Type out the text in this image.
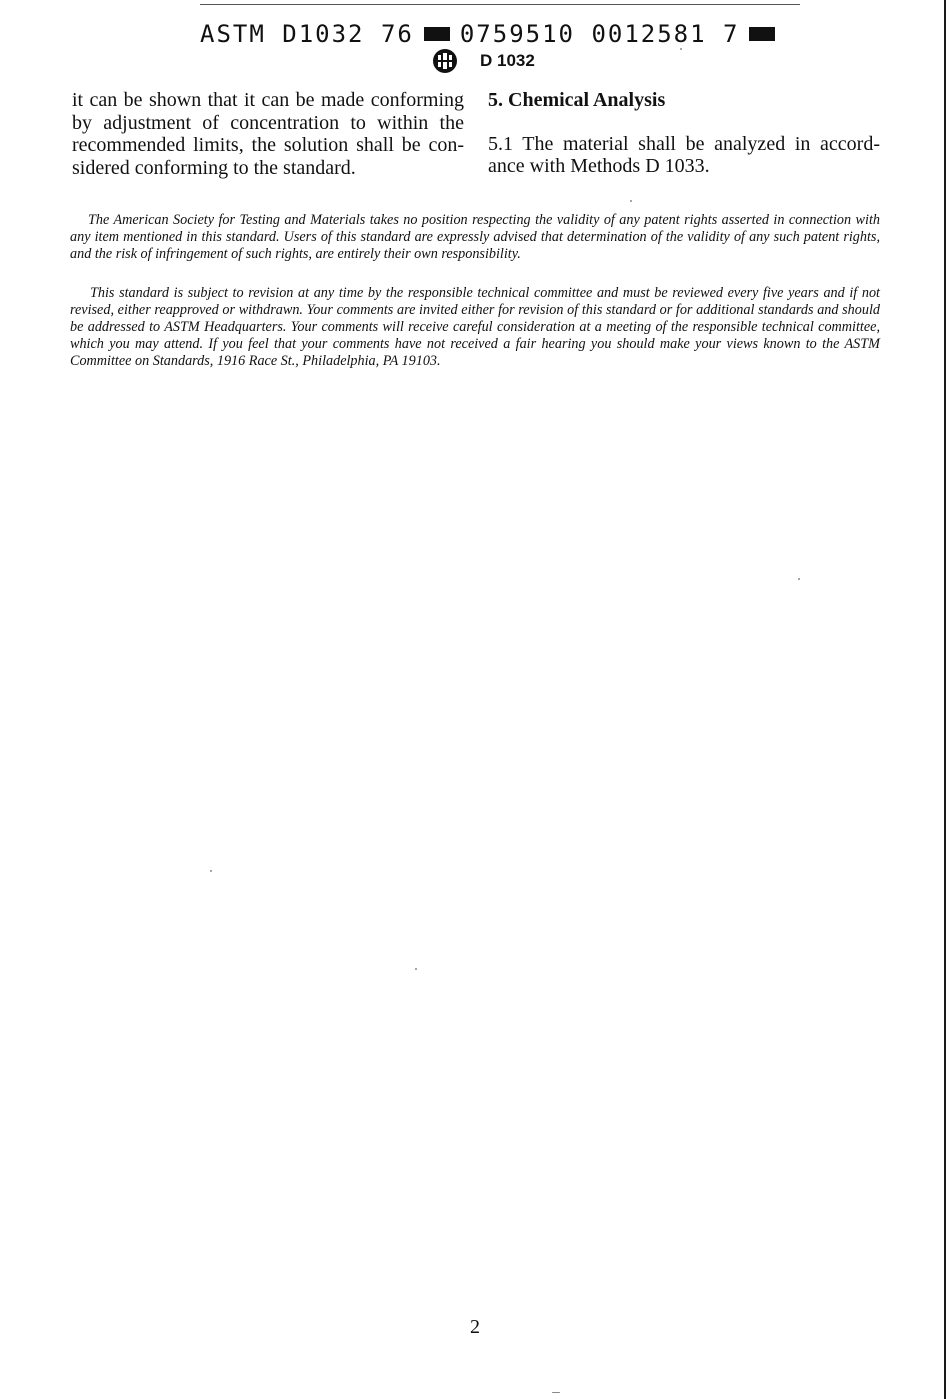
ASTM D1032 76 0759510 0012581 7
D 1032
it can be shown that it can be made conforming
by adjustment of concentration to within the
recommended limits, the solution shall be con-
sidered conforming to the standard.
5. Chemical Analysis
5.1 The material shall be analyzed in accord-
ance with Methods D 1033.

The American Society for Testing and Materials takes no position respecting the validity of any patent rights asserted in connection with any item mentioned in this standard. Users of this standard are expressly advised that determination of the validity of any such patent rights, and the risk of infringement of such rights, are entirely their own responsibility.

This standard is subject to revision at any time by the responsible technical committee and must be reviewed every five years and if not revised, either reapproved or withdrawn. Your comments are invited either for revision of this standard or for additional standards and should be addressed to ASTM Headquarters. Your comments will receive careful consideration at a meeting of the responsible technical committee, which you may attend. If you feel that your comments have not received a fair hearing you should make your views known to the ASTM Committee on Standards, 1916 Race St., Philadelphia, PA 19103.

2
